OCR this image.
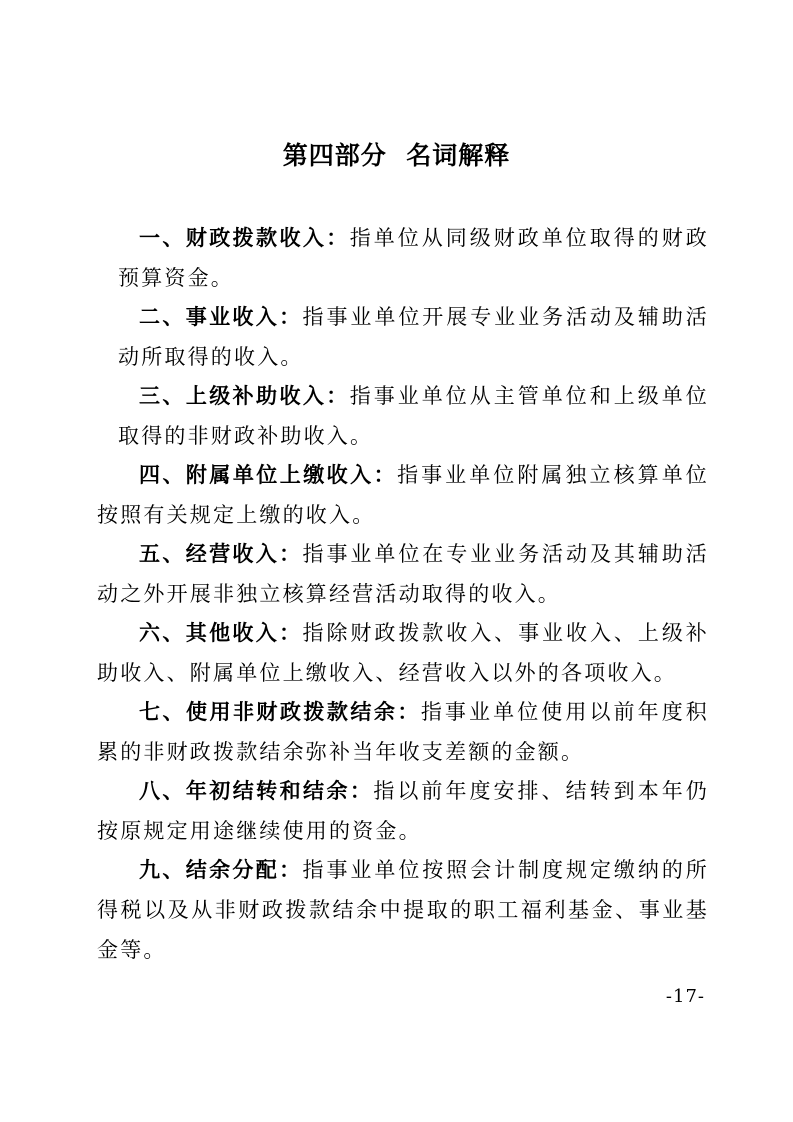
第四部分  名词解释

一、财政拨款收入：指单位从同级财政单位取得的财政预算资金。

二、事业收入：指事业单位开展专业业务活动及辅助活动所取得的收入。

三、上级补助收入：指事业单位从主管单位和上级单位取得的非财政补助收入。

四、附属单位上缴收入：指事业单位附属独立核算单位按照有关规定上缴的收入。

五、经营收入：指事业单位在专业业务活动及其辅助活动之外开展非独立核算经营活动取得的收入。

六、其他收入：指除财政拨款收入、事业收入、上级补助收入、附属单位上缴收入、经营收入以外的各项收入。

七、使用非财政拨款结余：指事业单位使用以前年度积累的非财政拨款结余弥补当年收支差额的金额。

八、年初结转和结余：指以前年度安排、结转到本年仍按原规定用途继续使用的资金。

九、结余分配：指事业单位按照会计制度规定缴纳的所得税以及从非财政拨款结余中提取的职工福利基金、事业基金等。

-17-
